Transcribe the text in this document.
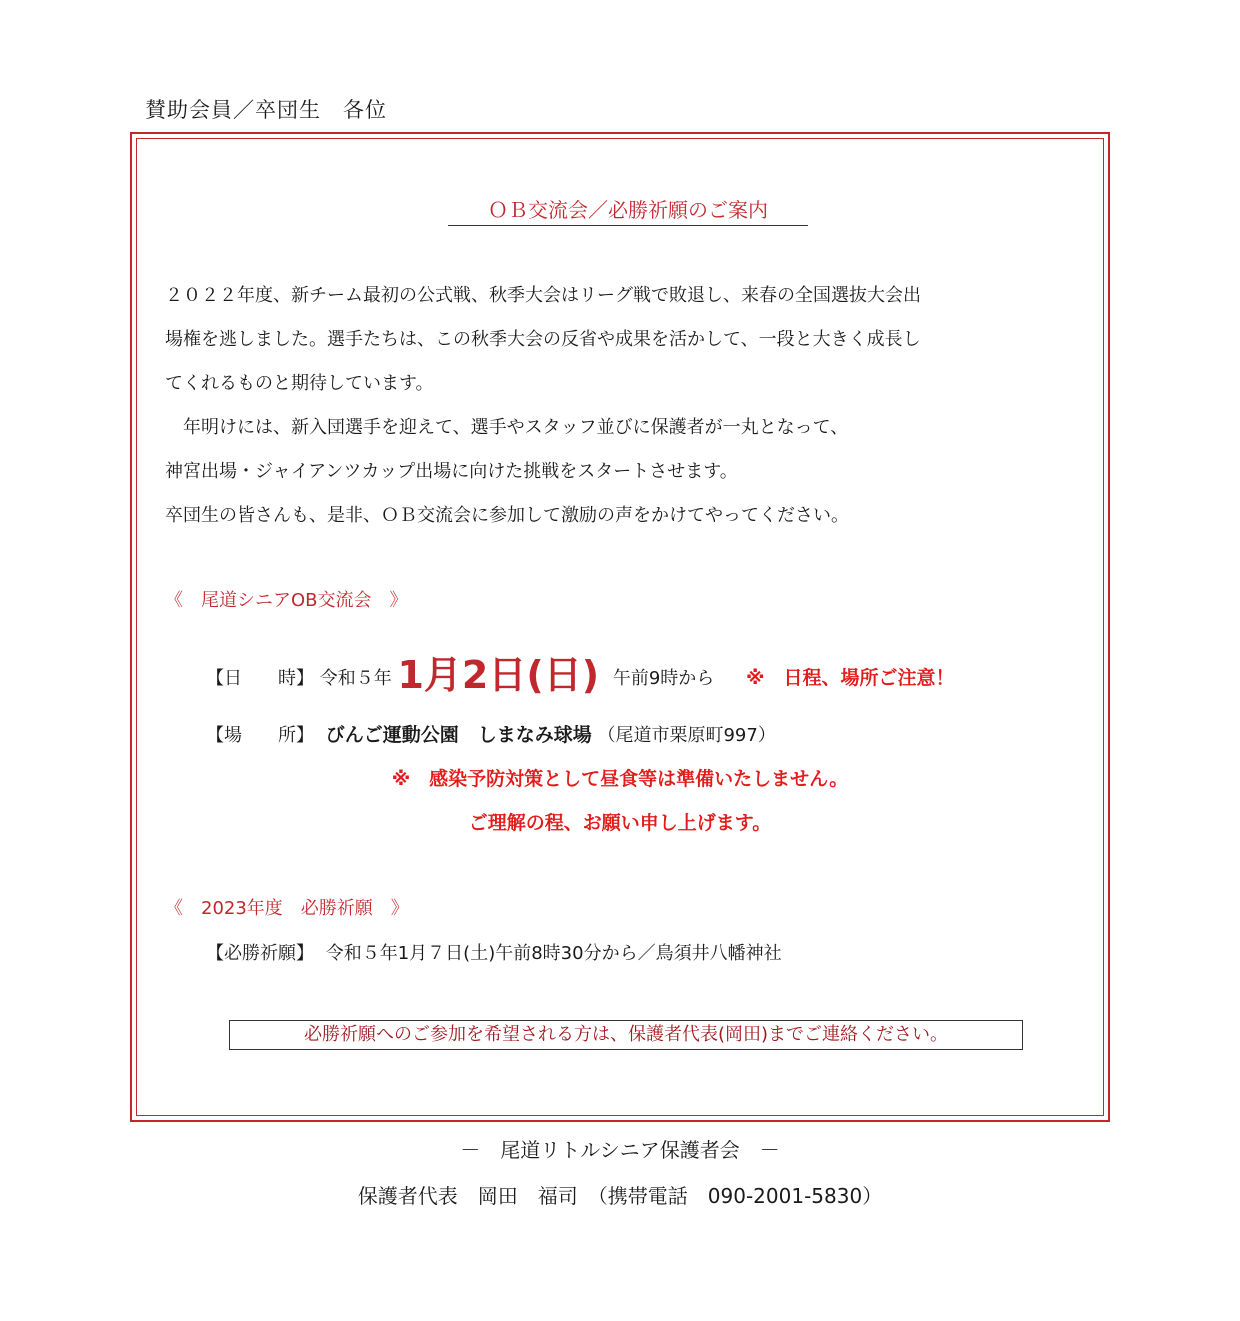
賛助会員／卒団生　各位
ＯＢ交流会／必勝祈願のご案内

２０２２年度、新チーム最初の公式戦、秋季大会はリーグ戦で敗退し、来春の全国選抜大会出

場権を逃しました。選手たちは、この秋季大会の反省や成果を活かして、一段と大きく成長し

てくれるものと期待しています。

　年明けには、新入団選手を迎えて、選手やスタッフ並びに保護者が一丸となって、

神宮出場・ジャイアンツカップ出場に向けた挑戦をスタートさせます。

卒団生の皆さんも、是非、ＯＢ交流会に参加して激励の声をかけてやってください。

《　尾道シニアOB交流会　》
【日　　時】 令和５年 1月2日(日) 午前9時から ※　日程、場所ご注意！
【場　　所】 びんご運動公園　しまなみ球場 （尾道市栗原町997）
※　感染予防対策として昼食等は準備いたしません。
ご理解の程、お願い申し上げます。
《　2023年度　必勝祈願　》
【必勝祈願】 令和５年1月７日(土)午前8時30分から／鳥須井八幡神社
必勝祈願へのご参加を希望される方は、保護者代表(岡田)までご連絡ください。
－　尾道リトルシニア保護者会　－
保護者代表　岡田　福司　（携帯電話　090-2001-5830）
